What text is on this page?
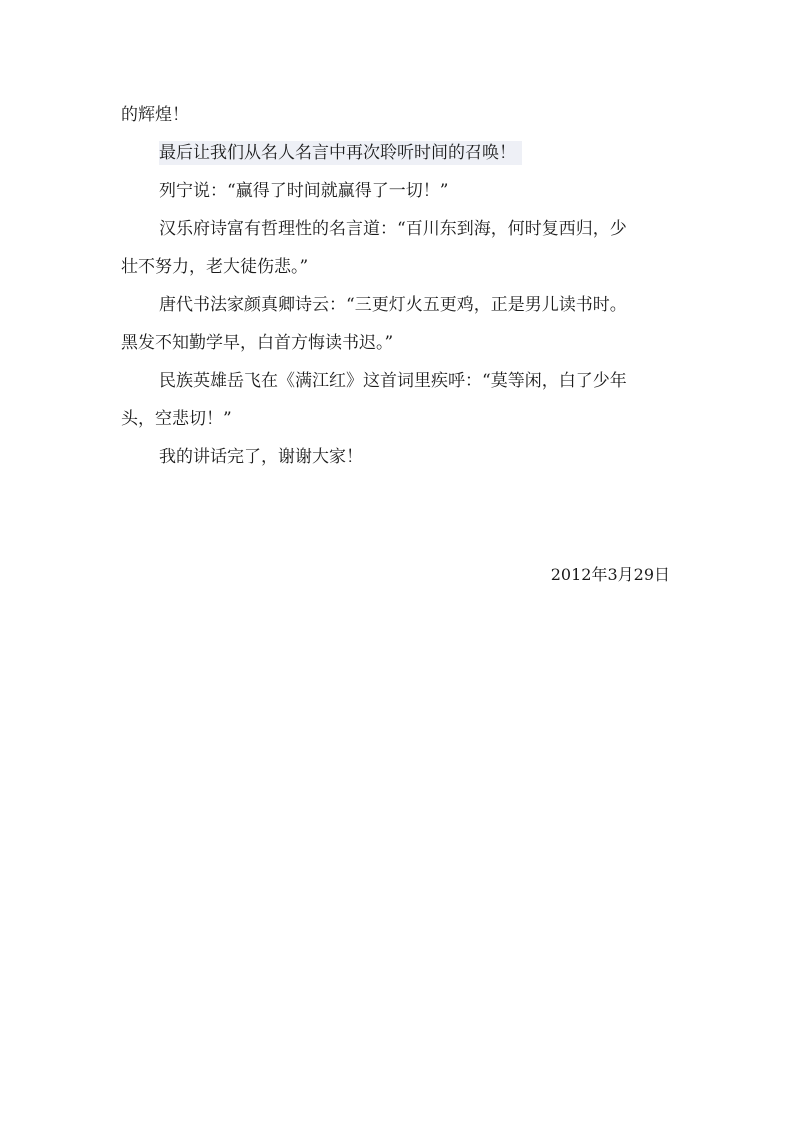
的辉煌！
最后让我们从名人名言中再次聆听时间的召唤！
列宁说：“赢得了时间就赢得了一切！”
汉乐府诗富有哲理性的名言道：“百川东到海，何时复西归，少
壮不努力，老大徒伤悲。”
唐代书法家颜真卿诗云：“三更灯火五更鸡，正是男儿读书时。
黑发不知勤学早，白首方悔读书迟。”
民族英雄岳飞在《满江红》这首词里疾呼：“莫等闲，白了少年
头，空悲切！”
我的讲话完了，谢谢大家！
2012年3月29日
